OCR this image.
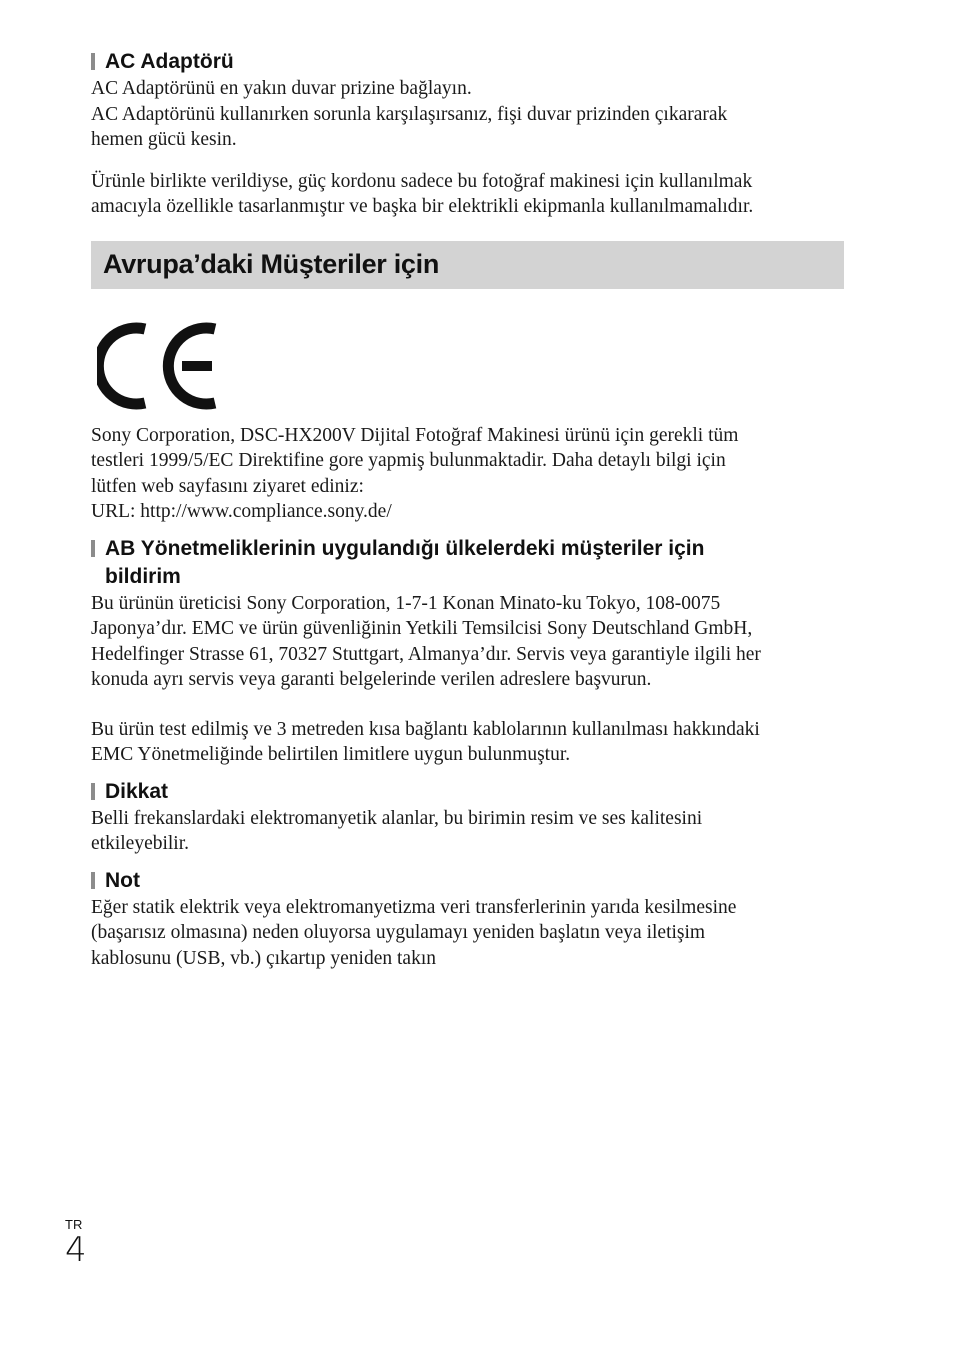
AC Adaptörü

AC Adaptörünü en yakın duvar prizine bağlayın.
AC Adaptörünü kullanırken sorunla karşılaşırsanız, fişi duvar prizinden çıkararak
hemen gücü kesin.

Ürünle birlikte verildiyse, güç kordonu sadece bu fotoğraf makinesi için kullanılmak
amacıyla özellikle tasarlanmıştır ve başka bir elektrikli ekipmanla kullanılmamalıdır.

Avrupa’daki Müşteriler için

Sony Corporation, DSC-HX200V Dijital Fotoğraf Makinesi ürünü için gerekli tüm
testleri 1999/5/EC Direktifine gore yapmiş bulunmaktadir. Daha detaylı bilgi için
lütfen web sayfasını ziyaret ediniz:
URL: http://www.compliance.sony.de/

AB Yönetmeliklerinin uygulandığı ülkelerdeki müşteriler için
bildirim

Bu ürünün üreticisi Sony Corporation, 1-7-1 Konan Minato-ku Tokyo, 108-0075
Japonya’dır. EMC ve ürün güvenliğinin Yetkili Temsilcisi Sony Deutschland GmbH,
Hedelfinger Strasse 61, 70327 Stuttgart, Almanya’dır. Servis veya garantiyle ilgili her
konuda ayrı servis veya garanti belgelerinde verilen adreslere başvurun.

Bu ürün test edilmiş ve 3 metreden kısa bağlantı kablolarının kullanılması hakkındaki
EMC Yönetmeliğinde belirtilen limitlere uygun bulunmuştur.

Dikkat

Belli frekanslardaki elektromanyetik alanlar, bu birimin resim ve ses kalitesini
etkileyebilir.

Not

Eğer statik elektrik veya elektromanyetizma veri transferlerinin yarıda kesilmesine
(başarısız olmasına) neden oluyorsa uygulamayı yeniden başlatın veya iletişim
kablosunu (USB, vb.) çıkartıp yeniden takın

TR
4
